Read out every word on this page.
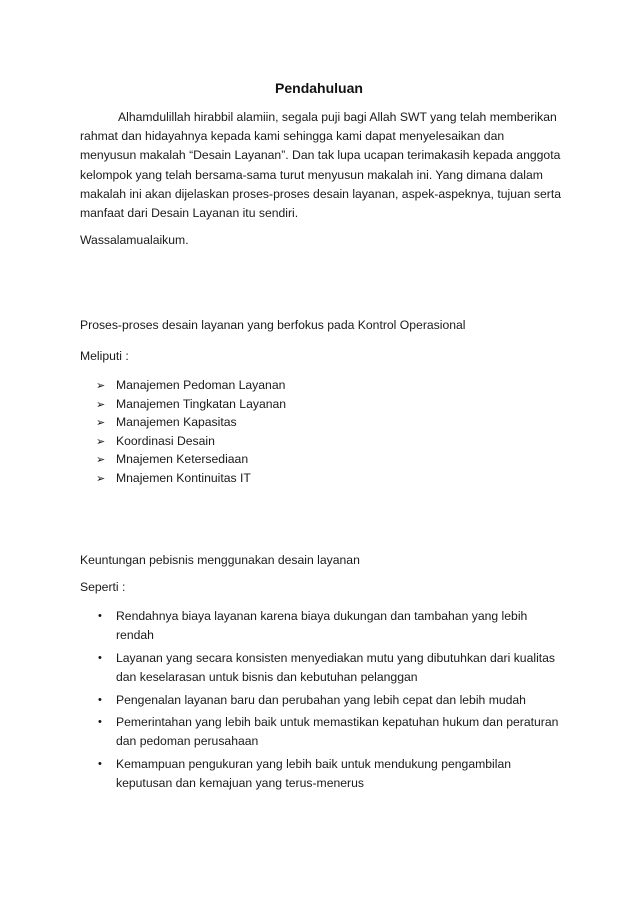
Pendahuluan

Alhamdulillah hirabbil alamiin, segala puji bagi Allah SWT yang telah memberikan rahmat dan hidayahnya kepada kami sehingga kami dapat menyelesaikan dan menyusun makalah “Desain Layanan”. Dan tak lupa ucapan terimakasih kepada anggota kelompok yang telah bersama-sama turut menyusun makalah ini. Yang dimana dalam makalah ini akan dijelaskan proses-proses desain layanan, aspek-aspeknya, tujuan serta manfaat dari Desain Layanan itu sendiri.

Wassalamualaikum.

Proses-proses desain layanan yang berfokus pada Kontrol Operasional

Meliputi :

➢ Manajemen Pedoman Layanan
➢ Manajemen Tingkatan Layanan
➢ Manajemen Kapasitas
➢ Koordinasi Desain
➢ Mnajemen Ketersediaan
➢ Mnajemen Kontinuitas IT

Keuntungan pebisnis menggunakan desain layanan

Seperti :

• Rendahnya biaya layanan karena biaya dukungan dan tambahan yang lebih rendah
• Layanan yang secara konsisten menyediakan mutu yang dibutuhkan dari kualitas dan keselarasan untuk bisnis dan kebutuhan pelanggan
• Pengenalan layanan baru dan perubahan yang lebih cepat dan lebih mudah
• Pemerintahan yang lebih baik untuk memastikan kepatuhan hukum dan peraturan dan pedoman perusahaan
• Kemampuan pengukuran yang lebih baik untuk mendukung pengambilan keputusan dan kemajuan yang terus-menerus
